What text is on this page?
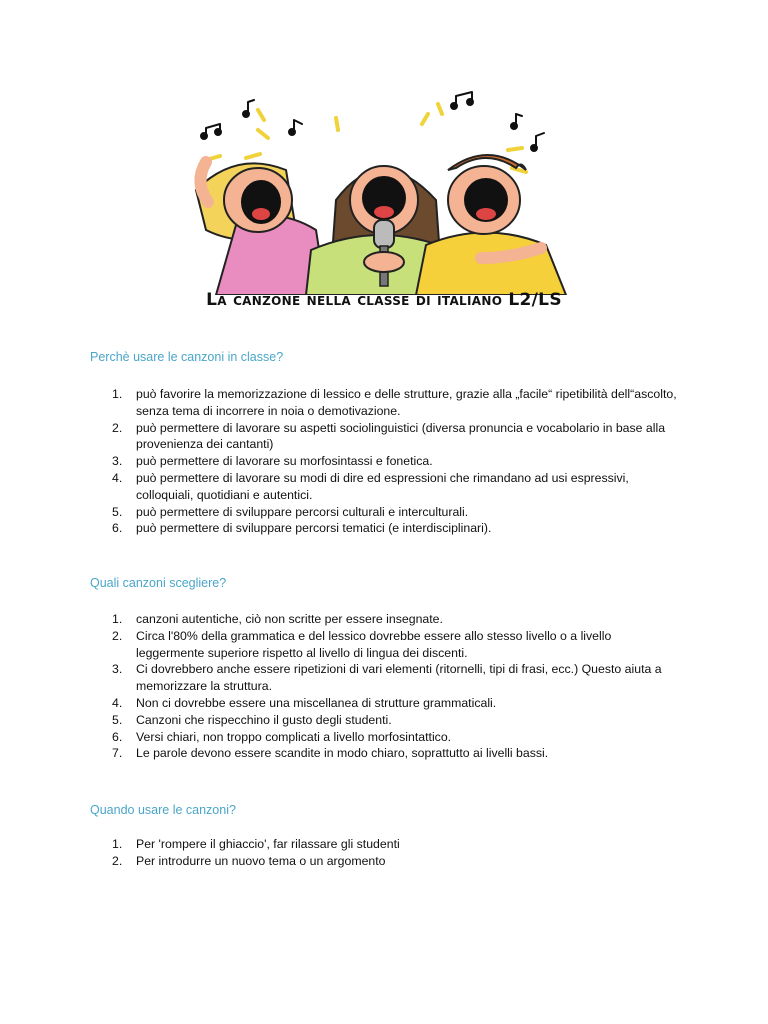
La canzone nella classe di italiano L2/LS
Perchè usare le canzoni in classe?
1.	può favorire la memorizzazione di lessico e delle strutture, grazie alla „facile“ ripetibilità dell“ascolto, senza tema di incorrere in noia o demotivazione.
2.	può permettere di lavorare su aspetti sociolinguistici (diversa pronuncia e vocabolario in base alla provenienza dei cantanti)
3.	può permettere di lavorare su morfosintassi e fonetica.
4.	può permettere di lavorare su modi di dire ed espressioni che rimandano ad usi espressivi, colloquiali, quotidiani e autentici.
5.	può permettere di sviluppare percorsi culturali e interculturali.
6.	può permettere di sviluppare percorsi tematici (e interdisciplinari).
Quali canzoni scegliere?
1.	canzoni autentiche, ciò non scritte per essere insegnate.
2.	Circa l'80% della grammatica e del lessico dovrebbe essere allo stesso livello o a livello leggermente superiore rispetto al livello di lingua dei discenti.
3.	Ci dovrebbero anche essere ripetizioni di vari elementi (ritornelli, tipi di frasi, ecc.) Questo aiuta a memorizzare la struttura.
4.	Non ci dovrebbe essere una miscellanea di strutture grammaticali.
5.	Canzoni che rispecchino il gusto degli studenti.
6.	Versi chiari, non troppo complicati a livello morfosintattico.
7.	Le parole devono essere scandite in modo chiaro, soprattutto ai livelli bassi.
Quando usare le canzoni?
1.	Per 'rompere il ghiaccio', far rilassare gli studenti
2.	Per introdurre un nuovo tema o un argomento
